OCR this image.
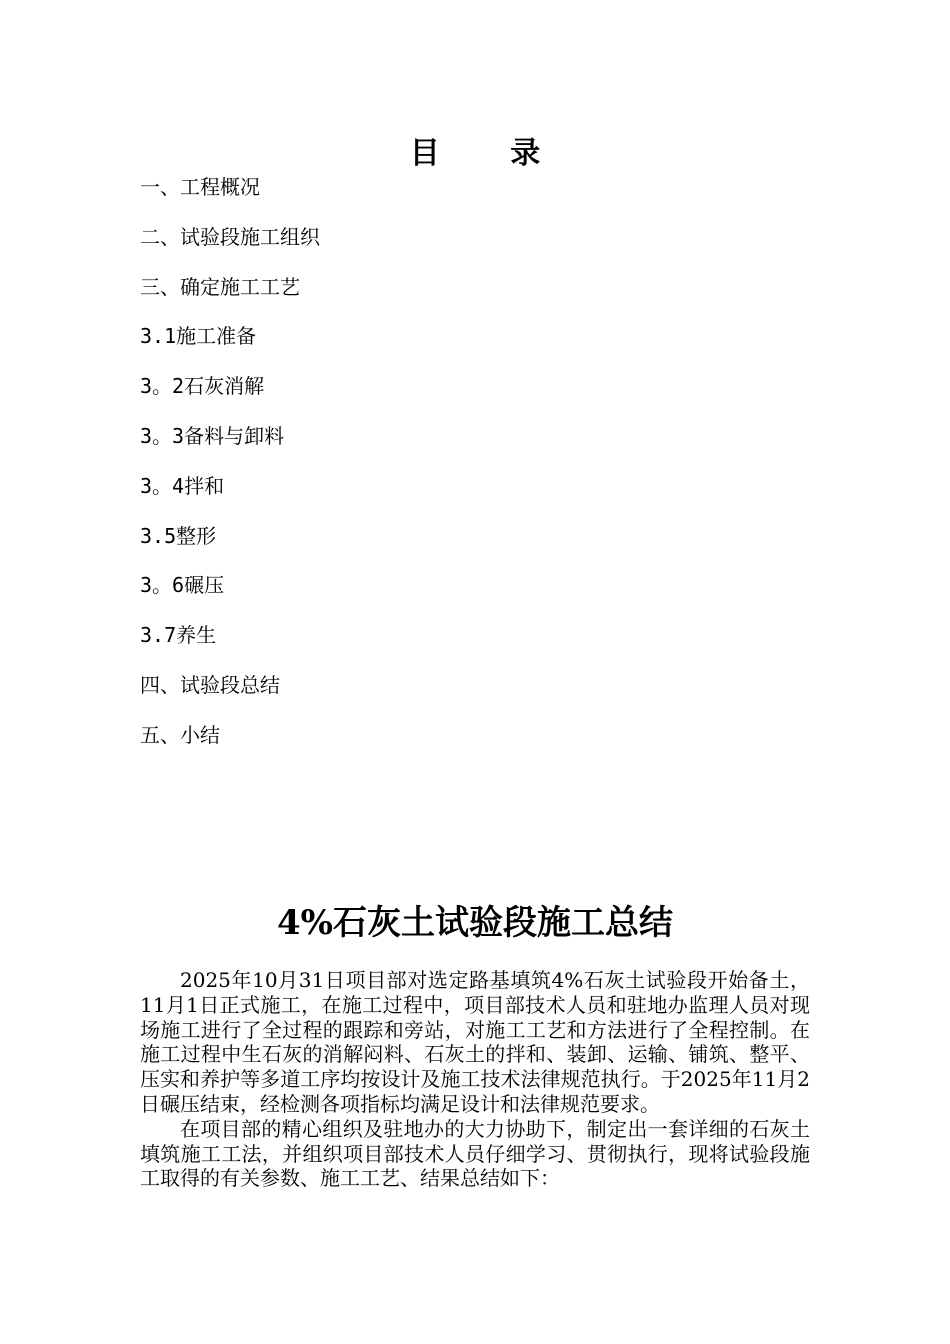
目 录
一、工程概况
二、试验段施工组织
三、确定施工工艺
3.1施工准备
3。2石灰消解
3。3备料与卸料
3。4拌和
3.5整形
3。6碾压
3.7养生
四、试验段总结
五、小结
4%石灰土试验段施工总结

2025年10月31日项目部对选定路基填筑4%石灰土试验段开始备土，11月1日正式施工，在施工过程中，项目部技术人员和驻地办监理人员对现场施工进行了全过程的跟踪和旁站，对施工工艺和方法进行了全程控制。在施工过程中生石灰的消解闷料、石灰土的拌和、装卸、运输、铺筑、整平、压实和养护等多道工序均按设计及施工技术法律规范执行。于2025年11月2日碾压结束，经检测各项指标均满足设计和法律规范要求。

在项目部的精心组织及驻地办的大力协助下，制定出一套详细的石灰土填筑施工工法，并组织项目部技术人员仔细学习、贯彻执行，现将试验段施工取得的有关参数、施工工艺、结果总结如下：
